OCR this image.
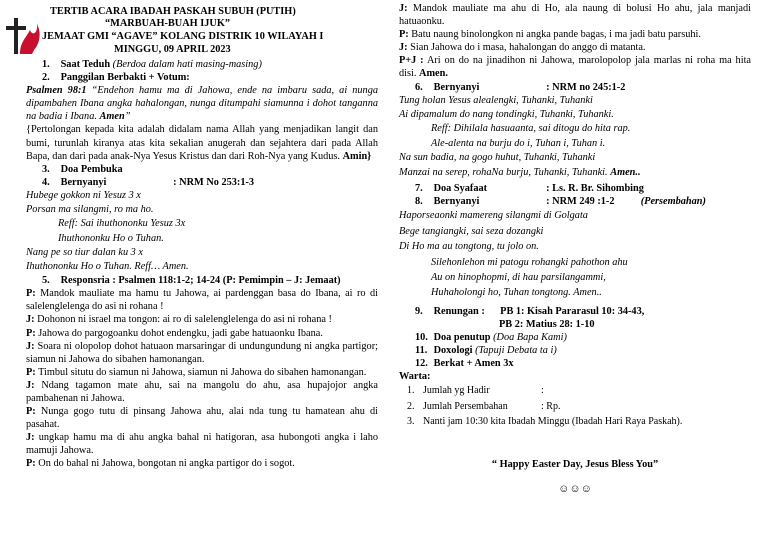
TERTIB ACARA IBADAH PASKAH SUBUH (PUTIH)
“MARBUAH-BUAH IJUK”
JEMAAT GMI “AGAVE” KOLANG DISTRIK 10 WILAYAH I
MINGGU, 09 APRIL 2023

1. Saat Teduh (Berdoa dalam hati masing-masing)

2. Panggilan Berbakti + Votum:

Psalmen 98:1 “Endehon hamu ma di Jahowa, ende na imbaru sada, ai nunga dipambahen Ibana angka hahalongan, nunga ditumpahi siamunna i dohot tanganna na badia i Ibana. Amen”

{Pertolongan kepada kita adalah didalam nama Allah yang menjadikan langit dan bumi, turunlah kiranya atas kita sekalian anugerah dan sejahtera dari pada Allah Bapa, dan dari pada anak-Nya Yesus Kristus dan dari Roh-Nya yang Kudus. Amin}

3. Doa Pembuka

4. Bernyanyi	: NRM No 253:1-3

Hubege gokkon ni Yesuz 3 x

Porsan ma silangmi, ro ma ho.

Reff: Sai ihuthononku Yesuz 3x

Ihuthononku Ho o Tuhan.

Nang pe so tiur dalan ku 3 x

Ihuthononku Ho o Tuhan. Reff… Amen.

5. Responsria : Psalmen 118:1-2; 14-24 (P: Pemimpin – J: Jemaat)

P: Mandok mauliate ma hamu tu Jahowa, ai pardenggan basa do Ibana, ai ro di salelenglelenga do asi ni rohana !

J: Dohonon ni israel ma tongon: ai ro di salelenglelenga do asi ni rohana !

P: Jahowa do pargogoanku dohot endengku, jadi gabe hatuaonku Ibana.

J: Soara ni olopolop dohot hatuaon marsaringar di undungundung ni angka partigor; siamun ni Jahowa do sibahen hamonangan.

P: Timbul situtu do siamun ni Jahowa, siamun ni Jahowa do sibahen hamonangan.

J: Ndang tagamon mate ahu, sai na mangolu do ahu, asa hupajojor angka pambahenan ni Jahowa.

P: Nunga gogo tutu di pinsang Jahowa ahu, alai nda tung tu hamatean ahu di pasahat.

J: ungkap hamu ma di ahu angka bahal ni hatigoran, asa hubongoti angka i laho mamuji Jahowa.

P: On do bahal ni Jahowa, bongotan ni angka partigor do i sogot.

J: Mandok mauliate ma ahu di Ho, ala naung di bolusi Ho ahu, jala manjadi hatuaonku.

P: Batu naung binolongkon ni angka pande bagas, i ma jadi batu parsuhi.

J: Sian Jahowa do i masa, hahalongan do anggo di matanta.

P+J : Ari on do na jinadihon ni Jahowa, marolopolop jala marlas ni roha ma hita disi. Amen.

6. Bernyanyi	: NRM no 245:1-2

Tung holan Yesus alealengki, Tuhanki, Tuhanki

Ai dipamalum do nang tondingki, Tuhanki, Tuhanki.

Reff: Dihilala hasuaanta, sai ditogu do hita rap.

Ale-alenta na burju do i, Tuhan i, Tuhan i.

Na sun badia, na gogo huhut, Tuhanki, Tuhanki

Manzai na serep, rohaNa burju, Tuhanki, Tuhanki. Amen..

7. Doa Syafaat	: Ls. R. Br. Sihombing

8. Bernyanyi	: NRM 249 :1-2	(Persembahan)

Haporseaonki mamereng silangmi di Golgata

Bege tangiangki, sai seza dozangki

Di Ho ma au tongtong, tu jolo on.

Silehonlehon mi patogu rohangki pahothon ahu

Au on hinophopmi, di hau parsilangammi,

Huhaholongi ho, Tuhan tongtong. Amen..

9. Renungan : PB 1: Kisah Pararasul 10: 34-43,

PB 2: Matius 28: 1-10

10. Doa penutup (Doa Bapa Kami)

11. Doxologi (Tapuji Debata ta i)

12. Berkat + Amen 3x

Warta:

1. Jumlah yg Hadir	:

2. Jumlah Persembahan	: Rp.

3. Nanti jam 10:30 kita Ibadah Minggu (Ibadah Hari Raya Paskah).

“ Happy Easter Day, Jesus Bless You”
☺☺☺
